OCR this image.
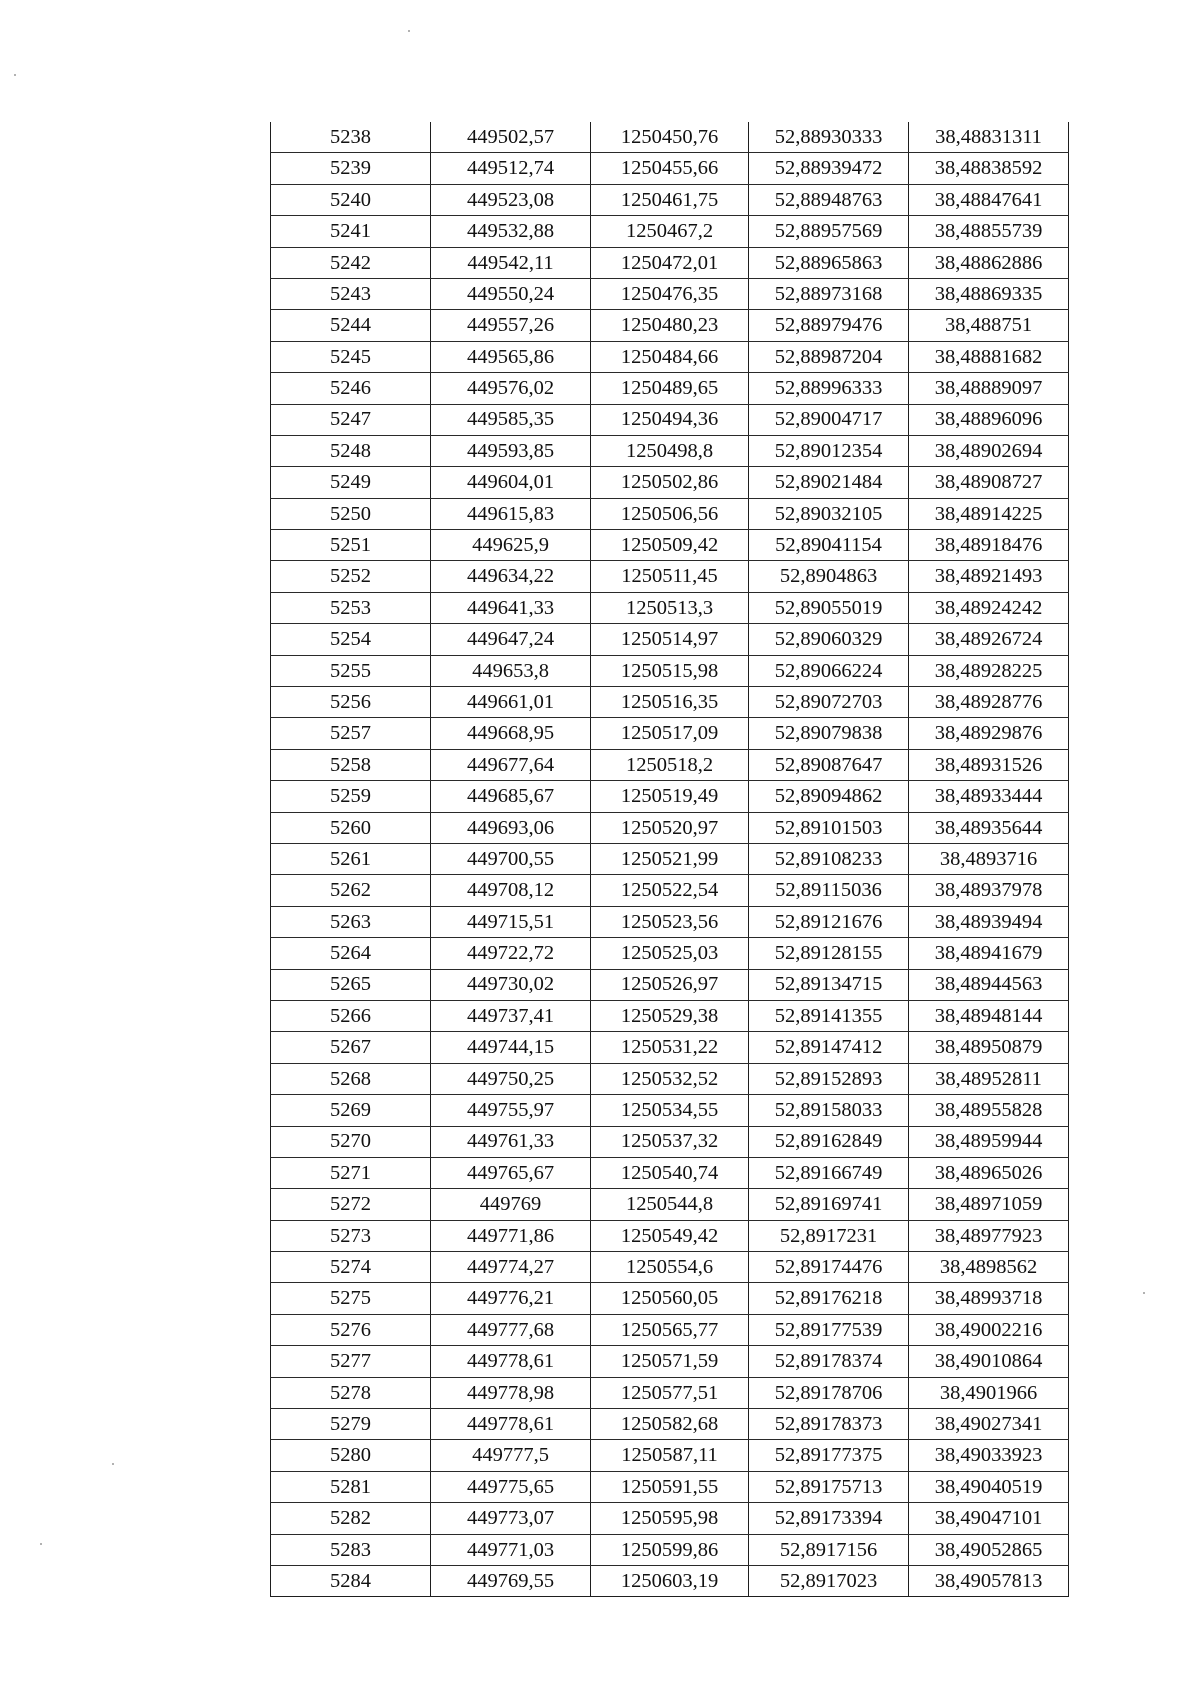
5238	449502,57	1250450,76	52,88930333	38,48831311
5239	449512,74	1250455,66	52,88939472	38,48838592
5240	449523,08	1250461,75	52,88948763	38,48847641
5241	449532,88	1250467,2	52,88957569	38,48855739
5242	449542,11	1250472,01	52,88965863	38,48862886
5243	449550,24	1250476,35	52,88973168	38,48869335
5244	449557,26	1250480,23	52,88979476	38,488751
5245	449565,86	1250484,66	52,88987204	38,48881682
5246	449576,02	1250489,65	52,88996333	38,48889097
5247	449585,35	1250494,36	52,89004717	38,48896096
5248	449593,85	1250498,8	52,89012354	38,48902694
5249	449604,01	1250502,86	52,89021484	38,48908727
5250	449615,83	1250506,56	52,89032105	38,48914225
5251	449625,9	1250509,42	52,89041154	38,48918476
5252	449634,22	1250511,45	52,8904863	38,48921493
5253	449641,33	1250513,3	52,89055019	38,48924242
5254	449647,24	1250514,97	52,89060329	38,48926724
5255	449653,8	1250515,98	52,89066224	38,48928225
5256	449661,01	1250516,35	52,89072703	38,48928776
5257	449668,95	1250517,09	52,89079838	38,48929876
5258	449677,64	1250518,2	52,89087647	38,48931526
5259	449685,67	1250519,49	52,89094862	38,48933444
5260	449693,06	1250520,97	52,89101503	38,48935644
5261	449700,55	1250521,99	52,89108233	38,4893716
5262	449708,12	1250522,54	52,89115036	38,48937978
5263	449715,51	1250523,56	52,89121676	38,48939494
5264	449722,72	1250525,03	52,89128155	38,48941679
5265	449730,02	1250526,97	52,89134715	38,48944563
5266	449737,41	1250529,38	52,89141355	38,48948144
5267	449744,15	1250531,22	52,89147412	38,48950879
5268	449750,25	1250532,52	52,89152893	38,48952811
5269	449755,97	1250534,55	52,89158033	38,48955828
5270	449761,33	1250537,32	52,89162849	38,48959944
5271	449765,67	1250540,74	52,89166749	38,48965026
5272	449769	1250544,8	52,89169741	38,48971059
5273	449771,86	1250549,42	52,8917231	38,48977923
5274	449774,27	1250554,6	52,89174476	38,4898562
5275	449776,21	1250560,05	52,89176218	38,48993718
5276	449777,68	1250565,77	52,89177539	38,49002216
5277	449778,61	1250571,59	52,89178374	38,49010864
5278	449778,98	1250577,51	52,89178706	38,4901966
5279	449778,61	1250582,68	52,89178373	38,49027341
5280	449777,5	1250587,11	52,89177375	38,49033923
5281	449775,65	1250591,55	52,89175713	38,49040519
5282	449773,07	1250595,98	52,89173394	38,49047101
5283	449771,03	1250599,86	52,8917156	38,49052865
5284	449769,55	1250603,19	52,8917023	38,49057813
